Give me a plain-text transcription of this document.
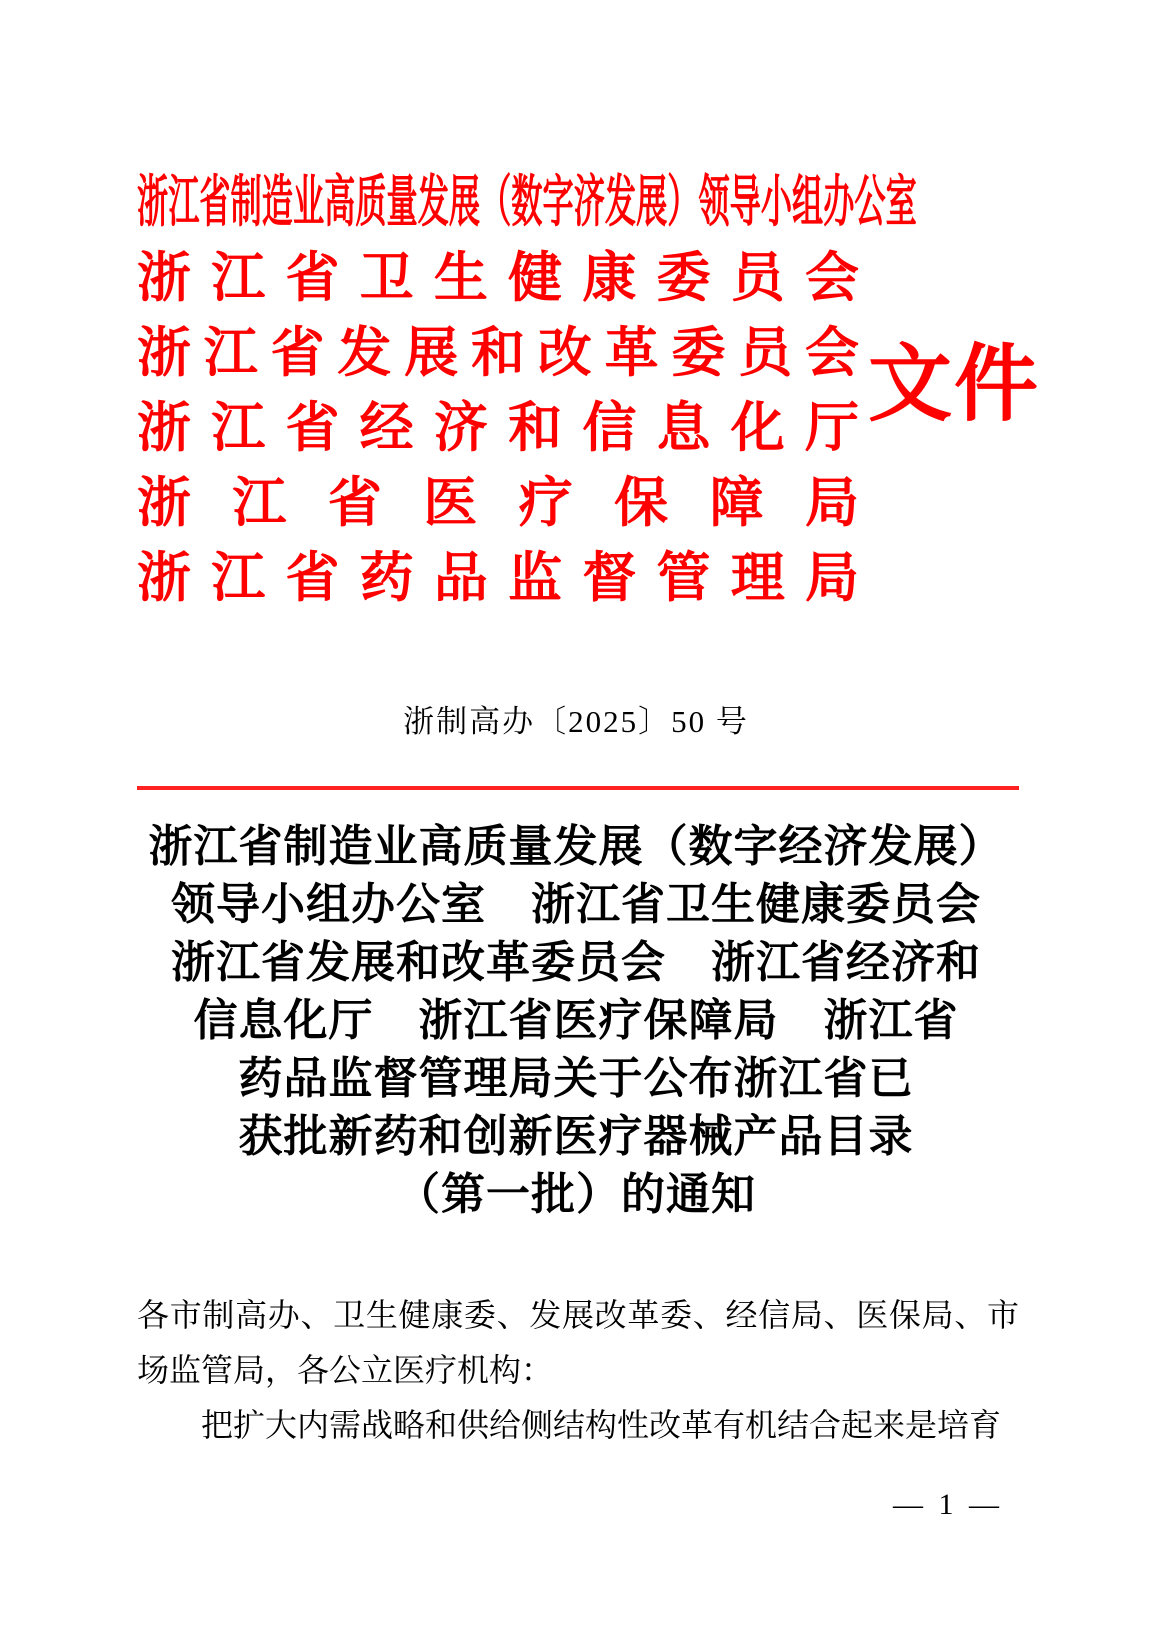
浙江省制造业高质量发展（数字济发展）领导小组办公室
浙江省卫生健康委员会
浙江省发展和改革委员会
浙江省经济和信息化厅
浙江省医疗保障局
浙江省药品监督管理局
文件
浙制高办〔2025〕50 号
浙江省制造业高质量发展（数字经济发展）
领导小组办公室　浙江省卫生健康委员会
浙江省发展和改革委员会　浙江省经济和
信息化厅　浙江省医疗保障局　浙江省
药品监督管理局关于公布浙江省已
获批新药和创新医疗器械产品目录
（第一批）的通知

各市制高办、卫生健康委、发展改革委、经信局、医保局、市场监管局，各公立医疗机构：

把扩大内需战略和供给侧结构性改革有机结合起来是培育

— 1 —
